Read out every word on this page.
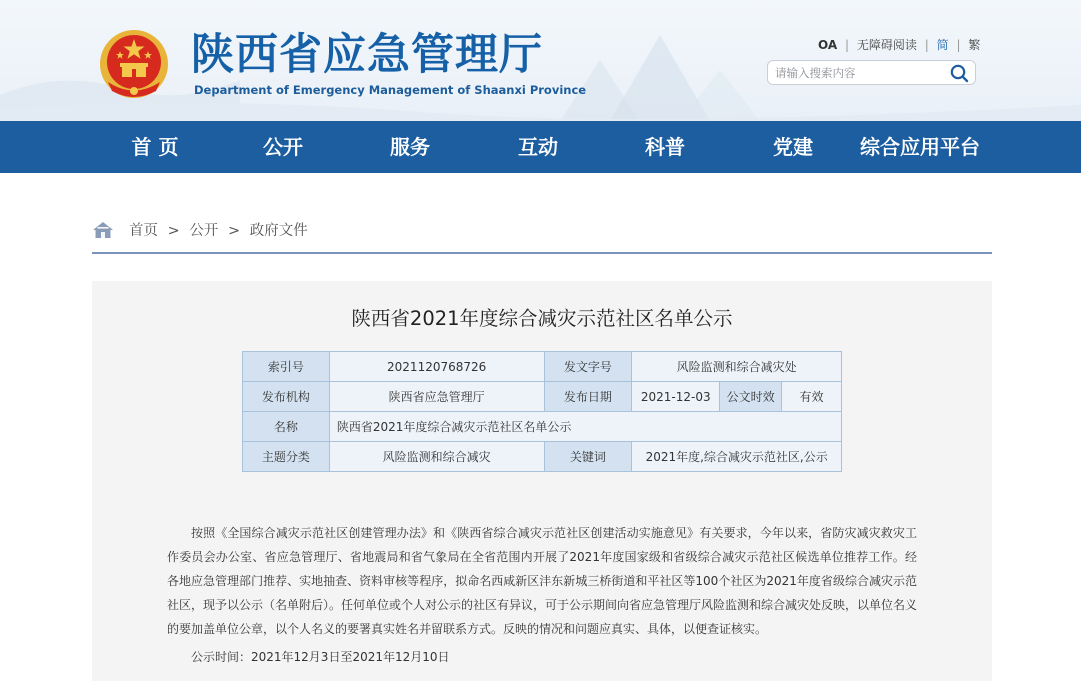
陕西省应急管理厅
Department of Emergency Management of Shaanxi Province
OA | 无障碍阅读 | 简 | 繁
请输入搜索内容
首 页	公开	服务	互动	科普	党建	综合应用平台
首页 > 公开 > 政府文件
陕西省2021年度综合减灾示范社区名单公示
索引号	2021120768726	发文字号	风险监测和综合减灾处		
发布机构	陕西省应急管理厅	发布日期	2021-12-03	公文时效	有效
名称	陕西省2021年度综合减灾示范社区名单公示				
主题分类	风险监测和综合减灾	关键词	2021年度,综合减灾示范社区,公示		

按照《全国综合减灾示范社区创建管理办法》和《陕西省综合减灾示范社区创建活动实施意见》有关要求，今年以来，省防灾减灾救灾工作委员会办公室、省应急管理厅、省地震局和省气象局在全省范围内开展了2021年度国家级和省级综合减灾示范社区候选单位推荐工作。经各地应急管理部门推荐、实地抽查、资料审核等程序，拟命名西咸新区沣东新城三桥街道和平社区等100个社区为2021年度省级综合减灾示范社区，现予以公示（名单附后）。任何单位或个人对公示的社区有异议，可于公示期间向省应急管理厅风险监测和综合减灾处反映，以单位名义的要加盖单位公章，以个人名义的要署真实姓名并留联系方式。反映的情况和问题应真实、具体，以便查证核实。

公示时间：2021年12月3日至2021年12月10日
